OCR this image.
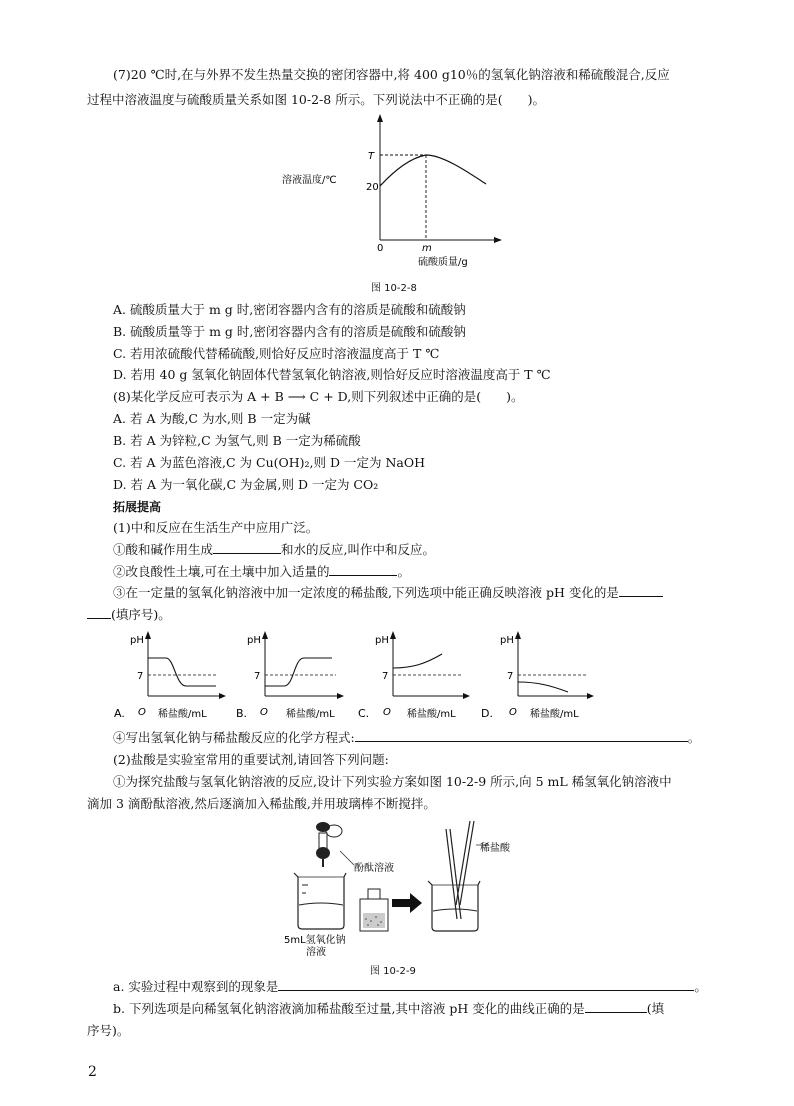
(7)20 ℃时,在与外界不发生热量交换的密闭容器中,将 400 g10％的氢氧化钠溶液和稀硫酸混合,反应
过程中溶液温度与硫酸质量关系如图 10-2-8 所示。下列说法中不正确的是(　　)。
T
20
溶液温度/℃
0	m
硫酸质量/g
图 10-2-8
A. 硫酸质量大于 m g 时,密闭容器内含有的溶质是硫酸和硫酸钠
B. 硫酸质量等于 m g 时,密闭容器内含有的溶质是硫酸和硫酸钠
C. 若用浓硫酸代替稀硫酸,则恰好反应时溶液温度高于 T ℃
D. 若用 40 g 氢氧化钠固体代替氢氧化钠溶液,则恰好反应时溶液温度高于 T ℃
(8)某化学反应可表示为 A + B ⟶ C + D,则下列叙述中正确的是(　　)。
A. 若 A 为酸,C 为水,则 B 一定为碱
B. 若 A 为锌粒,C 为氢气,则 B 一定为稀硫酸
C. 若 A 为蓝色溶液,C 为 Cu(OH)₂,则 D 一定为 NaOH
D. 若 A 为一氧化碳,C 为金属,则 D 一定为 CO₂
拓展提高
(1)中和反应在生活生产中应用广泛。
①酸和碱作用生成	和水的反应,叫作中和反应。
②改良酸性土壤,可在土壤中加入适量的	。
③在一定量的氢氧化钠溶液中加一定浓度的稀盐酸,下列选项中能正确反映溶液 pH 变化的是
(填序号)。
pH
7
A. O 稀盐酸/mL
pH
7
B. O 稀盐酸/mL
pH
7
C. O 稀盐酸/mL
pH
7
D. O 稀盐酸/mL
④写出氢氧化钠与稀盐酸反应的化学方程式:	。
(2)盐酸是实验室常用的重要试剂,请回答下列问题:
①为探究盐酸与氢氧化钠溶液的反应,设计下列实验方案如图 10-2-9 所示,向 5 mL 稀氢氧化钠溶液中
滴加 3 滴酚酞溶液,然后逐滴加入稀盐酸,并用玻璃棒不断搅拌。
酚酞溶液
稀盐酸
5mL氢氧化钠
溶液
图 10-2-9
a. 实验过程中观察到的现象是	。
b. 下列选项是向稀氢氧化钠溶液滴加稀盐酸至过量,其中溶液 pH 变化的曲线正确的是	(填
序号)。
2
